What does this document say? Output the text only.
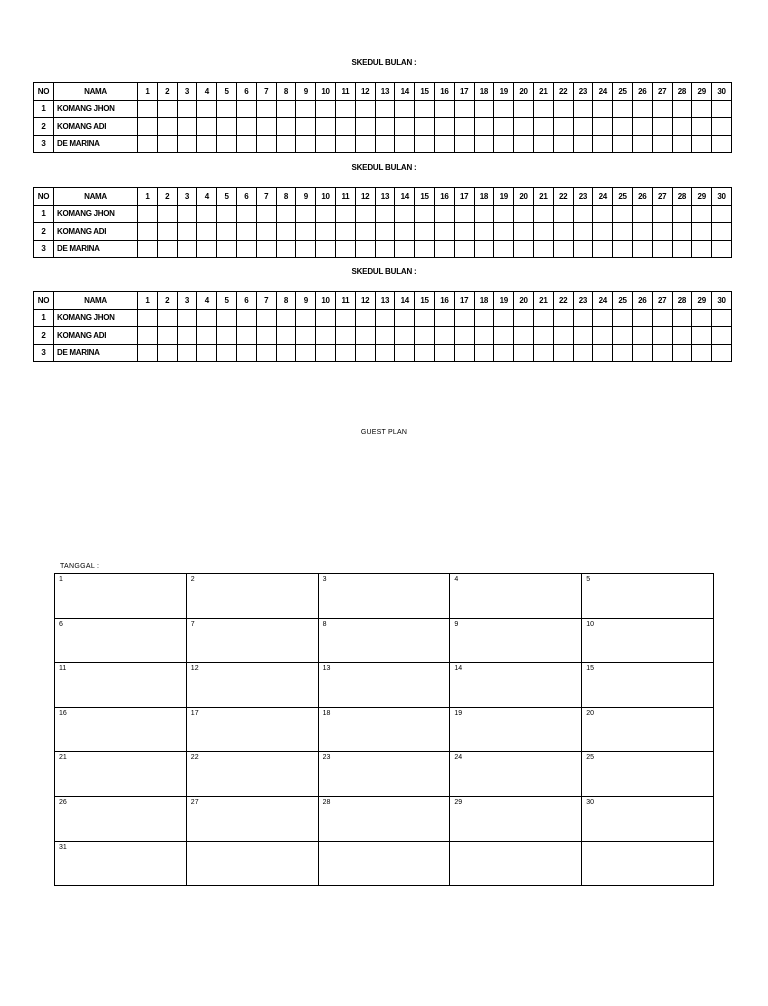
SKEDUL BULAN :
NO	NAMA	1	2	3	4	5	6	7	8	9	10	11	12	13	14	15	16	17	18	19	20	21	22	23	24	25	26	27	28	29	30
1	KOMANG JHON																														
2	KOMANG ADI																														
3	DE MARINA																														
SKEDUL BULAN :
NO	NAMA	1	2	3	4	5	6	7	8	9	10	11	12	13	14	15	16	17	18	19	20	21	22	23	24	25	26	27	28	29	30
1	KOMANG JHON																														
2	KOMANG ADI																														
3	DE MARINA																														
SKEDUL BULAN :
NO	NAMA	1	2	3	4	5	6	7	8	9	10	11	12	13	14	15	16	17	18	19	20	21	22	23	24	25	26	27	28	29	30
1	KOMANG JHON																														
2	KOMANG ADI																														
3	DE MARINA																														
GUEST PLAN
TANGGAL :
1	2	3	4	5

6	7	8	9	10

11	12	13	14	15

16	17	18	19	20

21	22	23	24	25

26	27	28	29	30

31				
